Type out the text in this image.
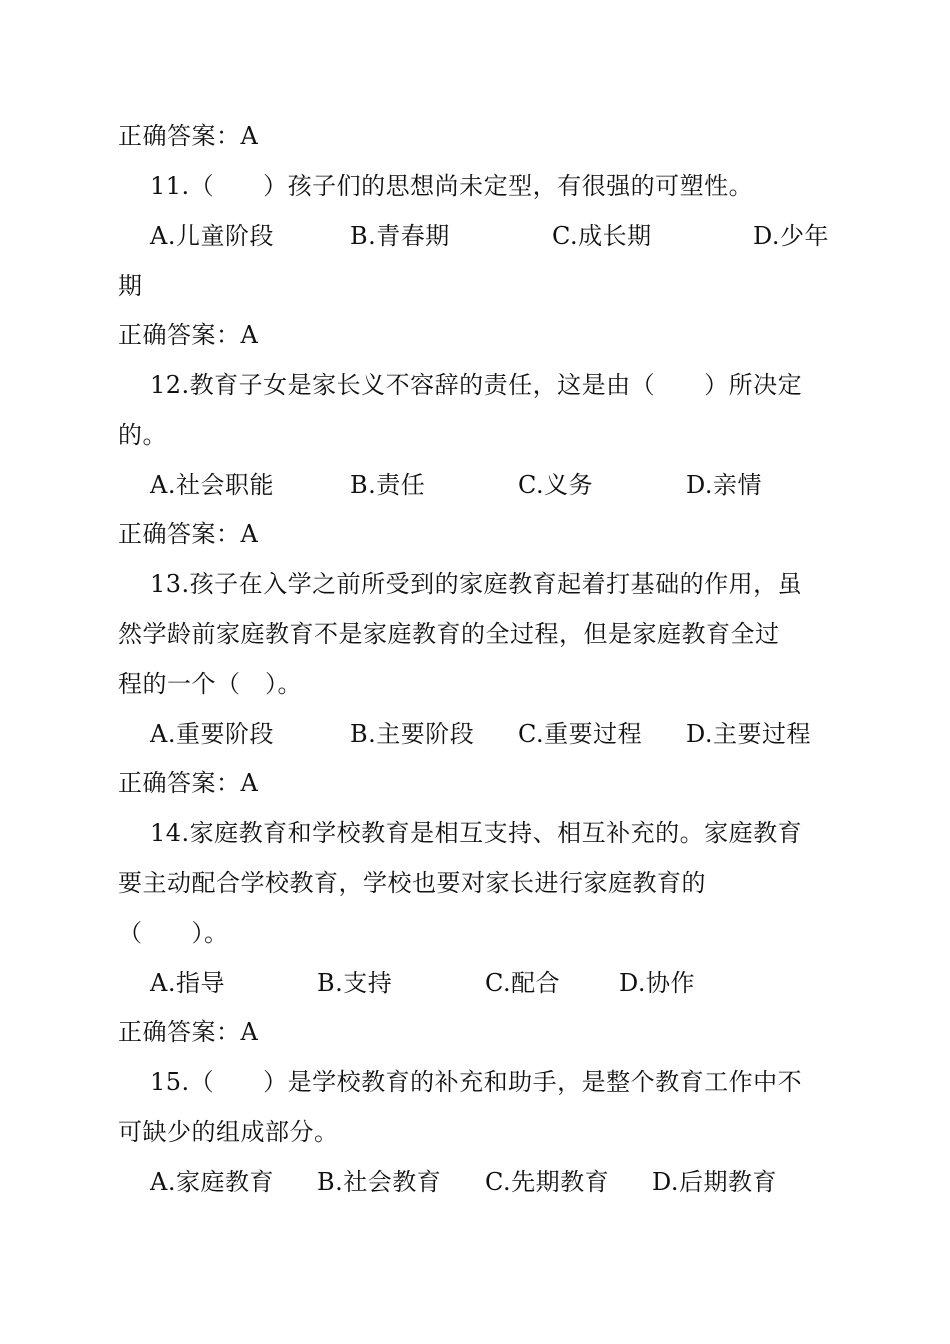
正确答案：A
11.（　　）孩子们的思想尚未定型，有很强的可塑性。
A.儿童阶段	B.青春期	C.成长期	D.少年
期
正确答案：A
12.教育子女是家长义不容辞的责任，这是由（　　）所决定
的。
A.社会职能	B.责任	C.义务	D.亲情
正确答案：A
13.孩子在入学之前所受到的家庭教育起着打基础的作用，虽
然学龄前家庭教育不是家庭教育的全过程，但是家庭教育全过
程的一个（　）。
A.重要阶段	B.主要阶段 C.重要过程 D.主要过程
正确答案：A
14.家庭教育和学校教育是相互支持、相互补充的。家庭教育
要主动配合学校教育，学校也要对家长进行家庭教育的
（　　）。
A.指导	B.支持	C.配合 D.协作
正确答案：A
15.（　　）是学校教育的补充和助手，是整个教育工作中不
可缺少的组成部分。
A.家庭教育 B.社会教育 C.先期教育 D.后期教育
